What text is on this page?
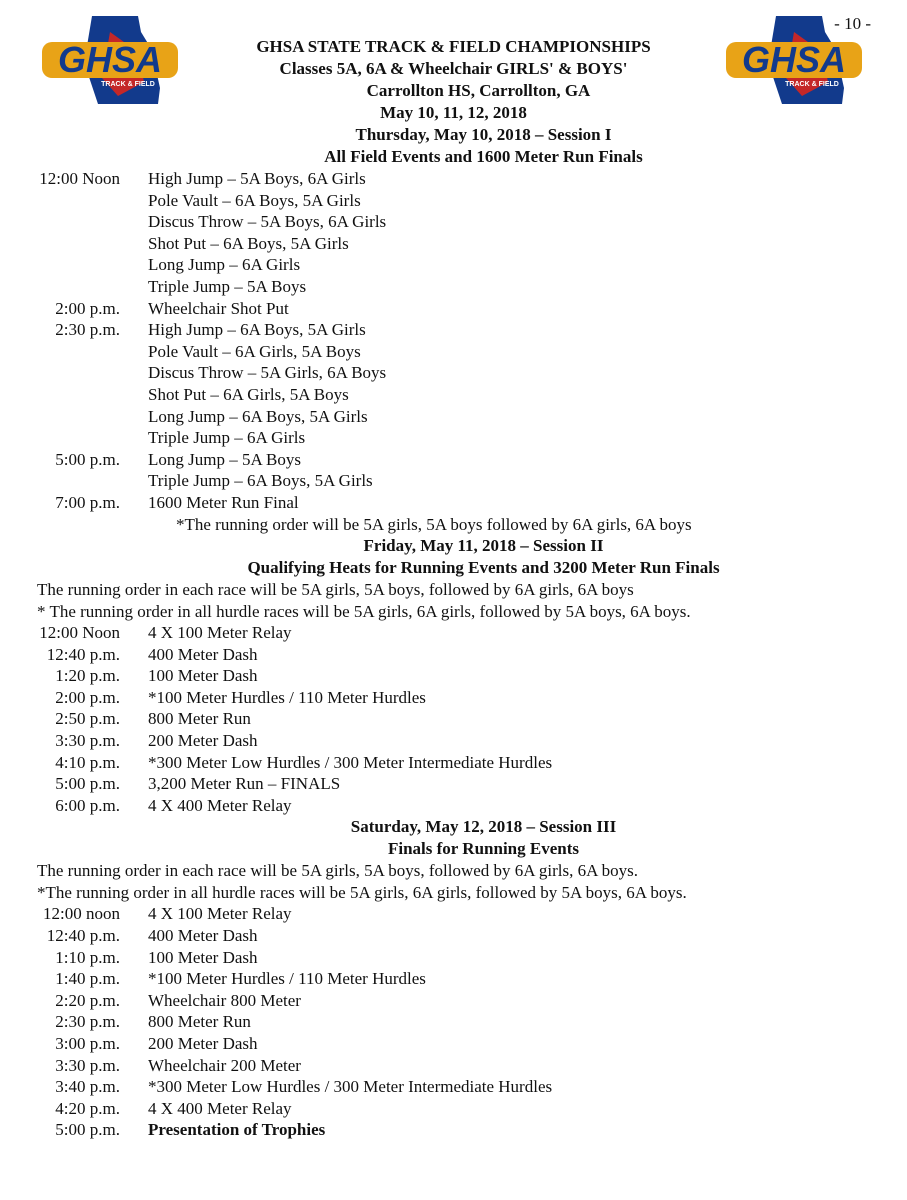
- 10 -
GHSA
TRACK & FIELD
GHSA
TRACK & FIELD
GHSA STATE TRACK & FIELD CHAMPIONSHIPS
Classes 5A, 6A & Wheelchair GIRLS' & BOYS'
Carrollton HS, Carrollton, GA
May 10, 11, 12, 2018
Thursday, May 10, 2018 – Session I
All Field Events and 1600 Meter Run Finals
12:00 Noon	High Jump – 5A Boys, 6A Girls
Pole Vault – 6A Boys, 5A Girls
Discus Throw – 5A Boys, 6A Girls
Shot Put – 6A Boys, 5A Girls
Long Jump – 6A Girls
Triple Jump – 5A Boys
2:00 p.m.	Wheelchair Shot Put
2:30 p.m.	High Jump – 6A Boys, 5A Girls
Pole Vault – 6A Girls, 5A Boys
Discus Throw – 5A Girls, 6A Boys
Shot Put – 6A Girls, 5A Boys
Long Jump – 6A Boys, 5A Girls
Triple Jump – 6A Girls
5:00 p.m.	Long Jump – 5A Boys
Triple Jump – 6A Boys, 5A Girls
7:00 p.m.	1600 Meter Run Final
*The running order will be 5A girls, 5A boys followed by 6A girls, 6A boys
Friday, May 11, 2018 – Session II
Qualifying Heats for Running Events and 3200 Meter Run Finals
The running order in each race will be 5A girls, 5A boys, followed by 6A girls, 6A boys
* The running order in all hurdle races will be 5A girls, 6A girls, followed by 5A boys, 6A boys.
12:00 Noon	4 X 100 Meter Relay
12:40 p.m.	400 Meter Dash
1:20 p.m.	100 Meter Dash
2:00 p.m.	*100 Meter Hurdles / 110 Meter Hurdles
2:50 p.m.	800 Meter Run
3:30 p.m.	200 Meter Dash
4:10 p.m.	*300 Meter Low Hurdles / 300 Meter Intermediate Hurdles
5:00 p.m.	3,200 Meter Run – FINALS
6:00 p.m.	4 X 400 Meter Relay
Saturday, May 12, 2018 – Session III
Finals for Running Events
The running order in each race will be 5A girls, 5A boys, followed by 6A girls, 6A boys.
*The running order in all hurdle races will be 5A girls, 6A girls, followed by 5A boys, 6A boys.
12:00 noon	4 X 100 Meter Relay
12:40 p.m.	400 Meter Dash
1:10 p.m.	100 Meter Dash
1:40 p.m.	*100 Meter Hurdles / 110 Meter Hurdles
2:20 p.m.	Wheelchair 800 Meter
2:30 p.m.	800 Meter Run
3:00 p.m.	200 Meter Dash
3:30 p.m.	Wheelchair 200 Meter
3:40 p.m.	*300 Meter Low Hurdles / 300 Meter Intermediate Hurdles
4:20 p.m.	4 X 400 Meter Relay
5:00 p.m.	Presentation of Trophies
